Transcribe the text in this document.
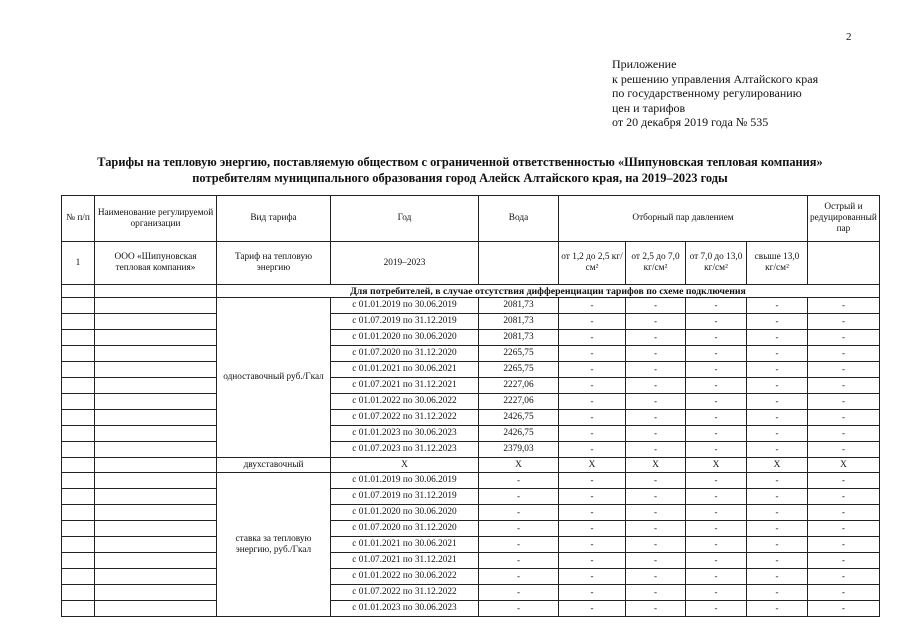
2
Приложение
к решению управления Алтайского края
по государственному регулированию
цен и тарифов
от 20 декабря 2019 года № 535
Тарифы на тепловую энергию, поставляемую обществом с ограниченной ответственностью «Шипуновская тепловая компания»
потребителям муниципального образования город Алейск Алтайского края, на 2019–2023 годы
№ п/п	Наименование регулируемой организации	Вид тарифа	Год	Вода	Отборный пар давлением				Острый и редуцированный пар
1	ООО «Шипуновская тепловая компания»	Тариф на тепловую энергию	2019–2023		от 1,2 до 2,5 кг/см²	от 2,5 до 7,0 кг/см²	от 7,0 до 13,0 кг/см²	свыше 13,0 кг/см²	
		Для потребителей, в случае отсутствия дифференциации тарифов по схеме подключения							
		одноставочный руб./Гкал	с 01.01.2019 по 30.06.2019	2081,73	-	-	-	-	-
			с 01.07.2019 по 31.12.2019	2081,73	-	-	-	-	-
			с 01.01.2020 по 30.06.2020	2081,73	-	-	-	-	-
			с 01.07.2020 по 31.12.2020	2265,75	-	-	-	-	-
			с 01.01.2021 по 30.06.2021	2265,75	-	-	-	-	-
			с 01.07.2021 по 31.12.2021	2227,06	-	-	-	-	-
			с 01.01.2022 по 30.06.2022	2227,06	-	-	-	-	-
			с 01.07.2022 по 31.12.2022	2426,75	-	-	-	-	-
			с 01.01.2023 по 30.06.2023	2426,75	-	-	-	-	-
			с 01.07.2023 по 31.12.2023	2379,03	-	-	-	-	-
		двухставочный	X	X	X	X	X	X	X
		ставка за тепловую энергию, руб./Гкал	с 01.01.2019 по 30.06.2019	-	-	-	-	-	-
			с 01.07.2019 по 31.12.2019	-	-	-	-	-	-
			с 01.01.2020 по 30.06.2020	-	-	-	-	-	-
			с 01.07.2020 по 31.12.2020	-	-	-	-	-	-
			с 01.01.2021 по 30.06.2021	-	-	-	-	-	-
			с 01.07.2021 по 31.12.2021	-	-	-	-	-	-
			с 01.01.2022 по 30.06.2022	-	-	-	-	-	-
			с 01.07.2022 по 31.12.2022	-	-	-	-	-	-
			с 01.01.2023 по 30.06.2023	-	-	-	-	-	-
